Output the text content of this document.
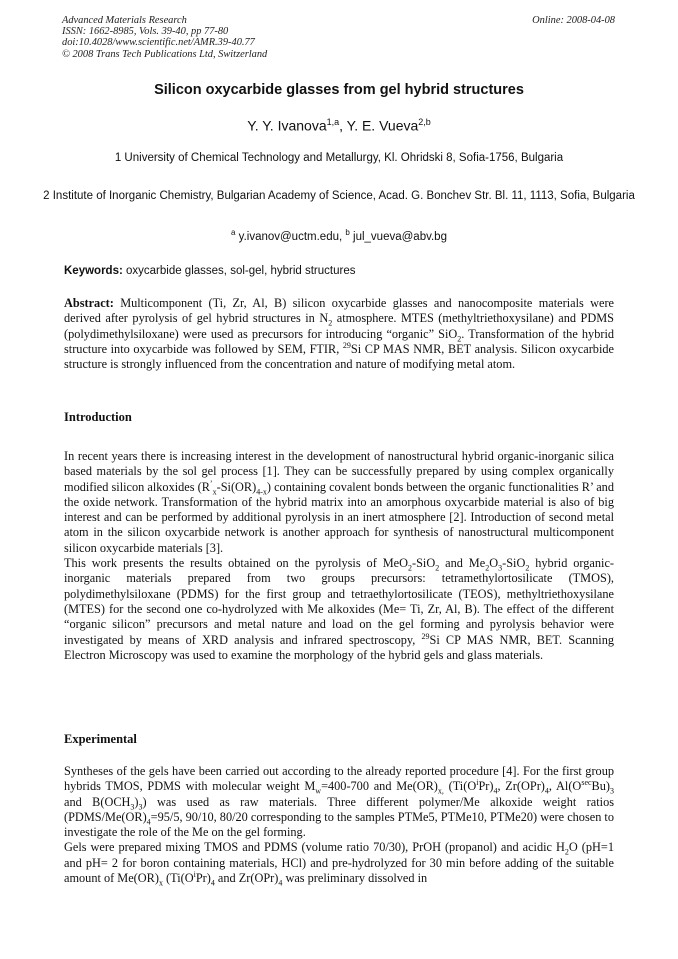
Advanced Materials Research
ISSN: 1662-8985, Vols. 39-40, pp 77-80
doi:10.4028/www.scientific.net/AMR.39-40.77
© 2008 Trans Tech Publications Ltd, Switzerland
Online: 2008-04-08
Silicon oxycarbide glasses from gel hybrid structures
Y. Y. Ivanova$^{1,a}$, Y. E. Vueva$^{2,b}$
1 University of Chemical Technology and Metallurgy, Kl. Ohridski 8, Sofia-1756, Bulgaria
2 Institute of Inorganic Chemistry, Bulgarian Academy of Science, Acad. G. Bonchev Str. Bl. 11, 1113, Sofia, Bulgaria
$^a$ y.ivanov@uctm.edu, $^b$ jul_vueva@abv.bg
Keywords: oxycarbide glasses, sol-gel, hybrid structures

Abstract: Multicomponent (Ti, Zr, Al, B) silicon oxycarbide glasses and nanocomposite materials were derived after pyrolysis of gel hybrid structures in $N_2$ atmosphere. MTES (methyltriethoxysilane) and PDMS (polydimethylsiloxane) were used as precursors for introducing “organic” SiO$_2$. Transformation of the hybrid structure into oxycarbide was followed by SEM, FTIR, $^{29}$Si CP MAS NMR, BET analysis. Silicon oxycarbide structure is strongly influenced from the concentration and nature of modifying metal atom.

Introduction

In recent years there is increasing interest in the development of nanostructural hybrid organic-inorganic silica based materials by the sol gel process [1]. They can be successfully prepared by using complex organically modified silicon alkoxides $(R^’_x-Si(OR)_{4-x})$ containing covalent bonds between the organic functionalities R’ and the oxide network. Transformation of the hybrid matrix into an amorphous oxycarbide material is also of big interest and can be performed by additional pyrolysis in an inert atmosphere [2]. Introduction of second metal atom in the silicon oxycarbide network is another approach for synthesis of nanostructural multicomponent silicon oxycarbide materials [3].

This work presents the results obtained on the pyrolysis of MeO$_2$-SiO$_2$ and $Me_2O_3-SiO_2$ hybrid organic-inorganic materials prepared from two groups precursors: tetramethylortosilicate (TMOS), polydimethylsiloxane (PDMS) for the first group and tetraethylortosilicate (TEOS), methyltriethoxysilane (MTES) for the second one co-hydrolyzed with Me alkoxides (Me= Ti, Zr, Al, B). The effect of the different “organic silicon” precursors and metal nature and load on the gel forming and pyrolysis behavior were investigated by means of XRD analysis and infrared spectroscopy, $^{29}$Si CP MAS NMR, BET. Scanning Electron Microscopy was used to examine the morphology of the hybrid gels and glass materials.

Experimental

Syntheses of the gels have been carried out according to the already reported procedure [4]. For the first group hybrids TMOS, PDMS with molecular weight $M_w=400-700$ and $Me(OR)_{x,}$ ($Ti(O^iPr)_4$, $Zr(OPr)_4$, $Al(O^{sec}Bu)_3$ and $B(OCH_3)_3$) was used as raw materials. Three different polymer/Me alkoxide weight ratios ($PDMS/Me(OR)_4=95/5$, 90/10, 80/20 corresponding to the samples PTMe5, PTMe10, PTMe20) were chosen to investigate the role of the Me on the gel forming.

Gels were prepared mixing TMOS and PDMS (volume ratio 70/30), PrOH (propanol) and acidic $H_2O$ (pH=1 and pH= 2 for boron containing materials, HCl) and pre-hydrolyzed for 30 min before adding of the suitable amount of $Me(OR)_x$ ($Ti(O^iPr)_4$ and $Zr(OPr)_4$ was preliminary dissolved in
